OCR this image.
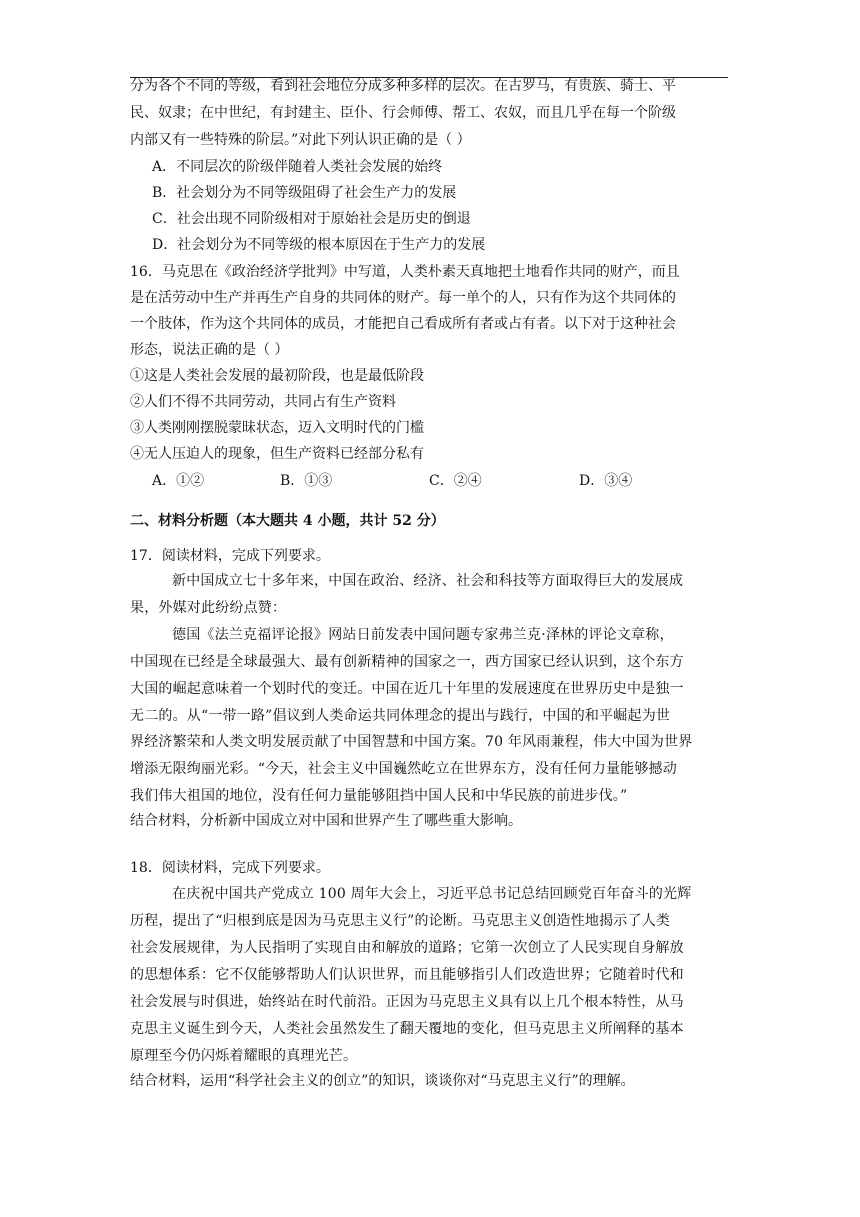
分为各个不同的等级，看到社会地位分成多种多样的层次。在古罗马，有贵族、骑士、平
民、奴隶；在中世纪，有封建主、臣仆、行会师傅、帮工、农奴，而且几乎在每一个阶级
内部又有一些特殊的阶层。”对此下列认识正确的是（ ）
A．不同层次的阶级伴随着人类社会发展的始终
B．社会划分为不同等级阻碍了社会生产力的发展
C．社会出现不同阶级相对于原始社会是历史的倒退
D．社会划分为不同等级的根本原因在于生产力的发展
16．马克思在《政治经济学批判》中写道，人类朴素天真地把土地看作共同的财产，而且
是在活劳动中生产并再生产自身的共同体的财产。每一单个的人，只有作为这个共同体的
一个肢体，作为这个共同体的成员，才能把自己看成所有者或占有者。以下对于这种社会
形态，说法正确的是（ ）
①这是人类社会发展的最初阶段，也是最低阶段
②人们不得不共同劳动，共同占有生产资料
③人类刚刚摆脱蒙昧状态，迈入文明时代的门槛
④无人压迫人的现象，但生产资料已经部分私有
A．①②	B．①③	C．②④	D．③④
二、材料分析题（本大题共 4 小题，共计 52 分）
17．阅读材料，完成下列要求。
新中国成立七十多年来，中国在政治、经济、社会和科技等方面取得巨大的发展成
果，外媒对此纷纷点赞：
德国《法兰克福评论报》网站日前发表中国问题专家弗兰克·泽林的评论文章称，
中国现在已经是全球最强大、最有创新精神的国家之一，西方国家已经认识到，这个东方
大国的崛起意味着一个划时代的变迁。中国在近几十年里的发展速度在世界历史中是独一
无二的。从“一带一路”倡议到人类命运共同体理念的提出与践行，中国的和平崛起为世
界经济繁荣和人类文明发展贡献了中国智慧和中国方案。70 年风雨兼程，伟大中国为世界
增添无限绚丽光彩。“今天，社会主义中国巍然屹立在世界东方，没有任何力量能够撼动
我们伟大祖国的地位，没有任何力量能够阻挡中国人民和中华民族的前进步伐。”
结合材料，分析新中国成立对中国和世界产生了哪些重大影响。
18．阅读材料，完成下列要求。
在庆祝中国共产党成立 100 周年大会上，习近平总书记总结回顾党百年奋斗的光辉
历程，提出了“归根到底是因为马克思主义行”的论断。马克思主义创造性地揭示了人类
社会发展规律，为人民指明了实现自由和解放的道路；它第一次创立了人民实现自身解放
的思想体系：它不仅能够帮助人们认识世界，而且能够指引人们改造世界；它随着时代和
社会发展与时俱进，始终站在时代前沿。正因为马克思主义具有以上几个根本特性，从马
克思主义诞生到今天，人类社会虽然发生了翻天覆地的变化，但马克思主义所阐释的基本
原理至今仍闪烁着耀眼的真理光芒。
结合材料，运用“科学社会主义的创立”的知识，谈谈你对“马克思主义行”的理解。
